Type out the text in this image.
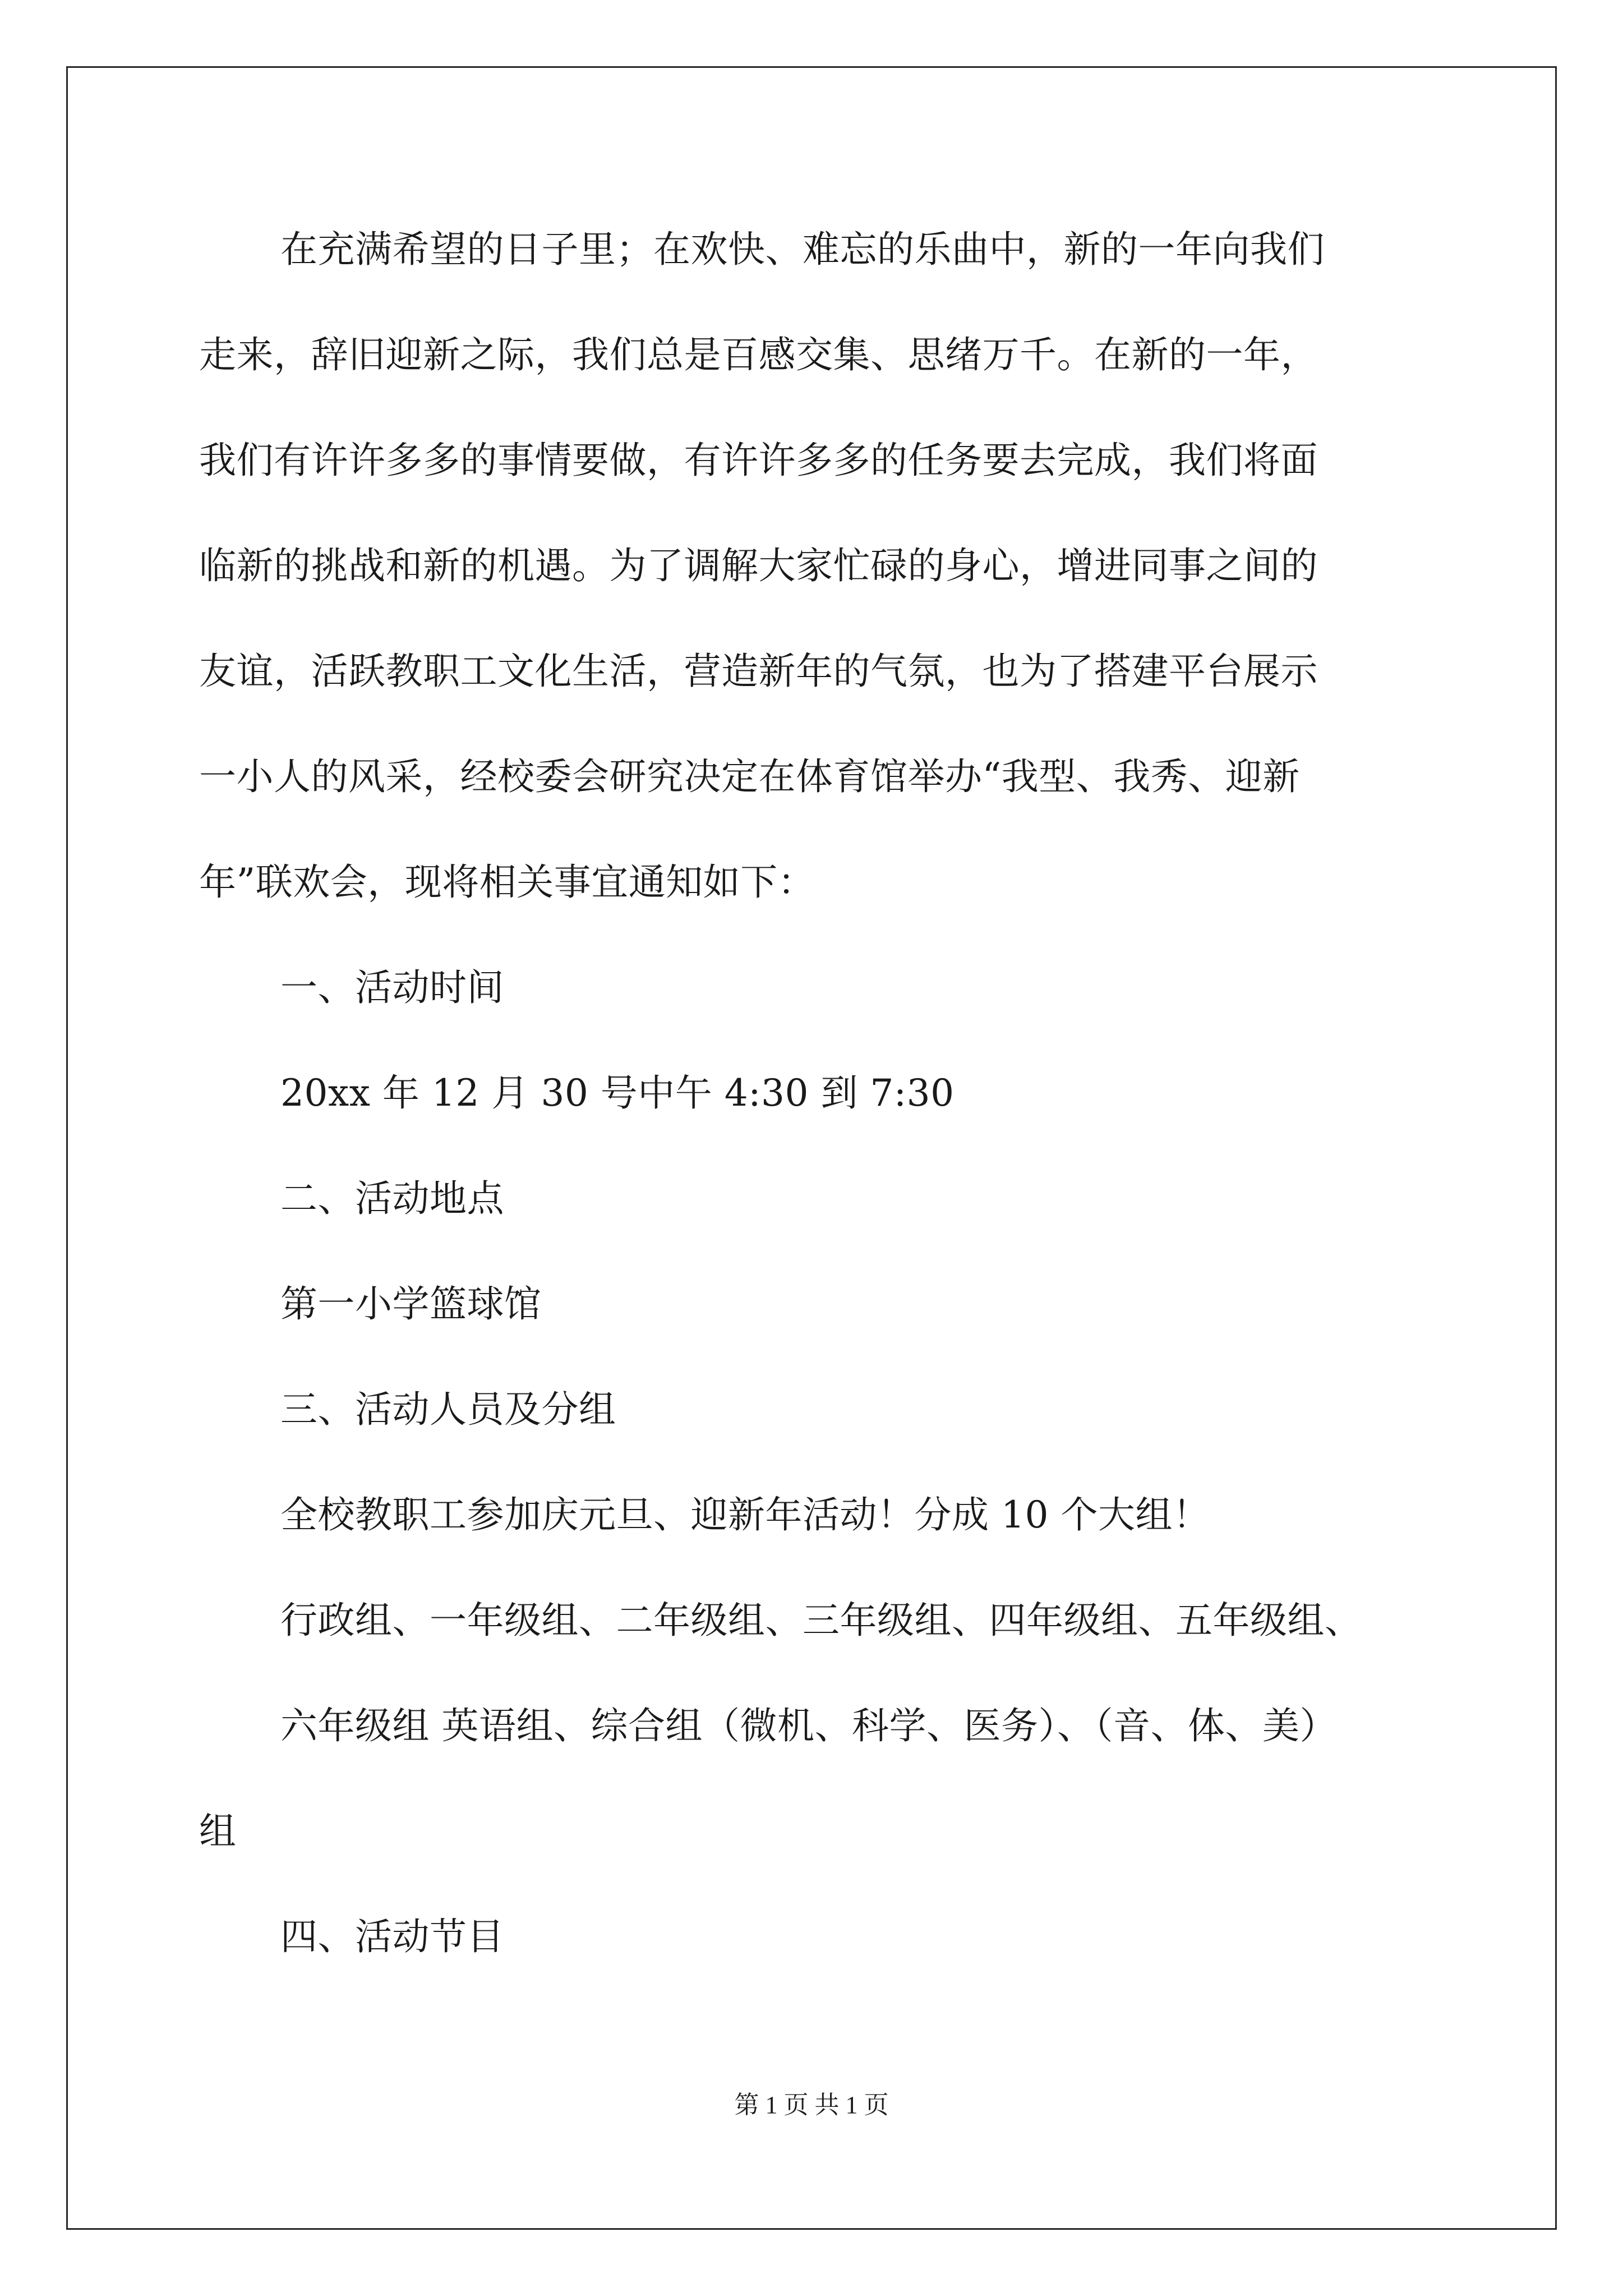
在充满希望的日子里；在欢快、难忘的乐曲中，新的一年向我们
走来，辞旧迎新之际，我们总是百感交集、思绪万千。在新的一年，
我们有许许多多的事情要做，有许许多多的任务要去完成，我们将面
临新的挑战和新的机遇。为了调解大家忙碌的身心，增进同事之间的
友谊，活跃教职工文化生活，营造新年的气氛，也为了搭建平台展示
一小人的风采，经校委会研究决定在体育馆举办“我型、我秀、迎新
年”联欢会，现将相关事宜通知如下：
一、活动时间
20xx 年 12 月 30 号中午 4:30 到 7:30
二、活动地点
第一小学篮球馆
三、活动人员及分组
全校教职工参加庆元旦、迎新年活动！分成 10 个大组！
行政组、一年级组、二年级组、三年级组、四年级组、五年级组、
六年级组 英语组、综合组（微机、科学、医务）、（音、体、美）
组
四、活动节目
第 1 页 共 1 页
